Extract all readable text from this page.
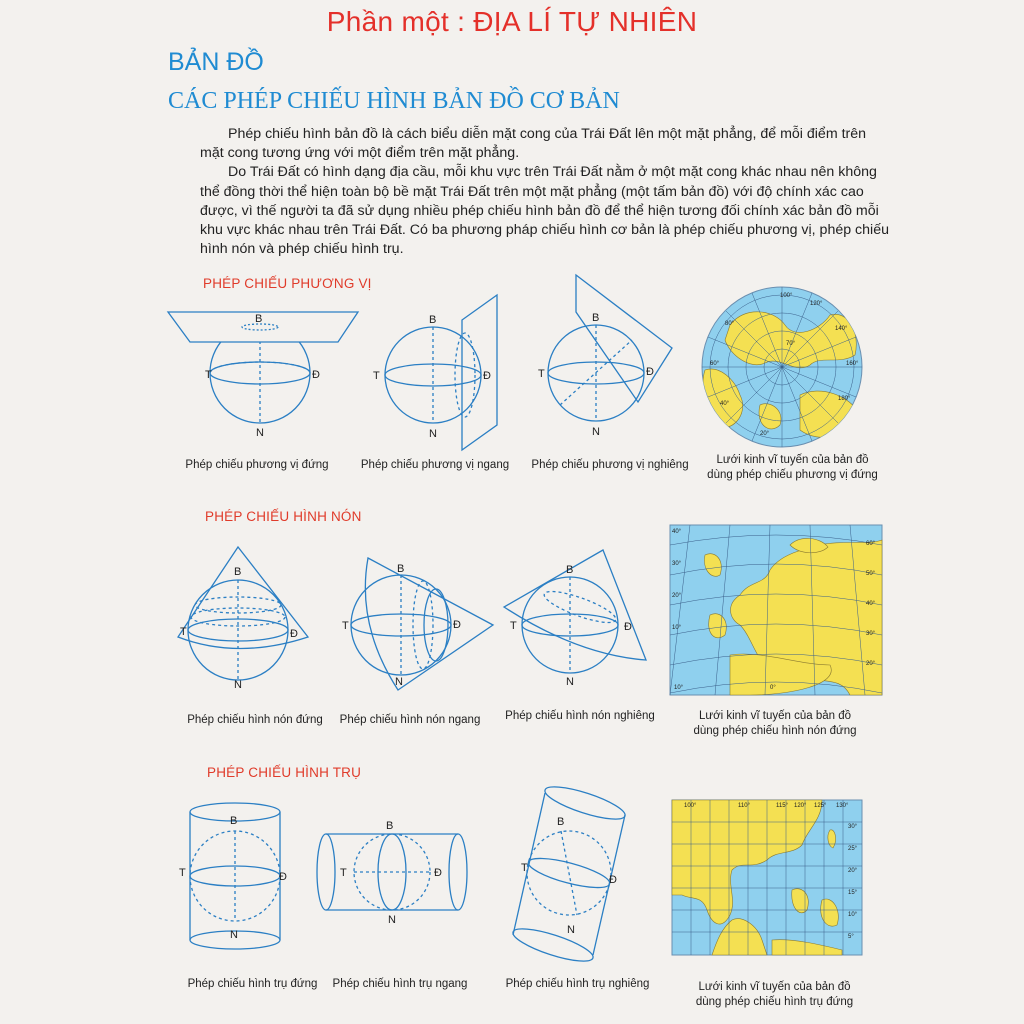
Phần một : ĐỊA LÍ TỰ NHIÊN
BẢN ĐỒ
CÁC PHÉP CHIẾU HÌNH BẢN ĐỒ CƠ BẢN

Phép chiếu hình bản đồ là cách biểu diễn mặt cong của Trái Đất lên một mặt phẳng, để mỗi điểm trên mặt cong tương ứng với một điểm trên mặt phẳng.

Do Trái Đất có hình dạng địa cầu, mỗi khu vực trên Trái Đất nằm ở một mặt cong khác nhau nên không thể đồng thời thể hiện toàn bộ bề mặt Trái Đất trên một mặt phẳng (một tấm bản đồ) với độ chính xác cao được, vì thế người ta đã sử dụng nhiều phép chiếu hình bản đồ để thể hiện tương đối chính xác bản đồ mỗi khu vực khác nhau trên Trái Đất. Có ba phương pháp chiếu hình cơ bản là phép chiếu phương vị, phép chiếu hình nón và phép chiếu hình trụ.

PHÉP CHIẾU PHƯƠNG VỊ
B
T	Đ
N
Phép chiếu phương vị đứng
B
T	Đ
N
Phép chiếu phương vị ngang
B
T	Đ
N
Phép chiếu phương vị nghiêng
100°
120°
140°
160°
180°
20°
40°
60°
80°
70°
Lưới kinh vĩ tuyến của bản đồ
dùng phép chiếu phương vị đứng
PHÉP CHIẾU HÌNH NÓN
B
T	Đ
N
Phép chiếu hình nón đứng
B
T	Đ
N
Phép chiếu hình nón ngang
B
T	Đ
N
Phép chiếu hình nón nghiêng
40°
30°
20°
10°
60°
50°
40°
30°
20°
10°	0°
Lưới kinh vĩ tuyến của bản đồ
dùng phép chiếu hình nón đứng
PHÉP CHIẾU HÌNH TRỤ
B
T	Đ
N
Phép chiếu hình trụ đứng
B
T	Đ
N
Phép chiếu hình trụ ngang
B
T
Đ
N
Phép chiếu hình trụ nghiêng
100°	110°	115° 120° 125° 130°
30°
25°
20°
15°
10°
5°
Lưới kinh vĩ tuyến của bản đồ
dùng phép chiếu hình trụ đứng
